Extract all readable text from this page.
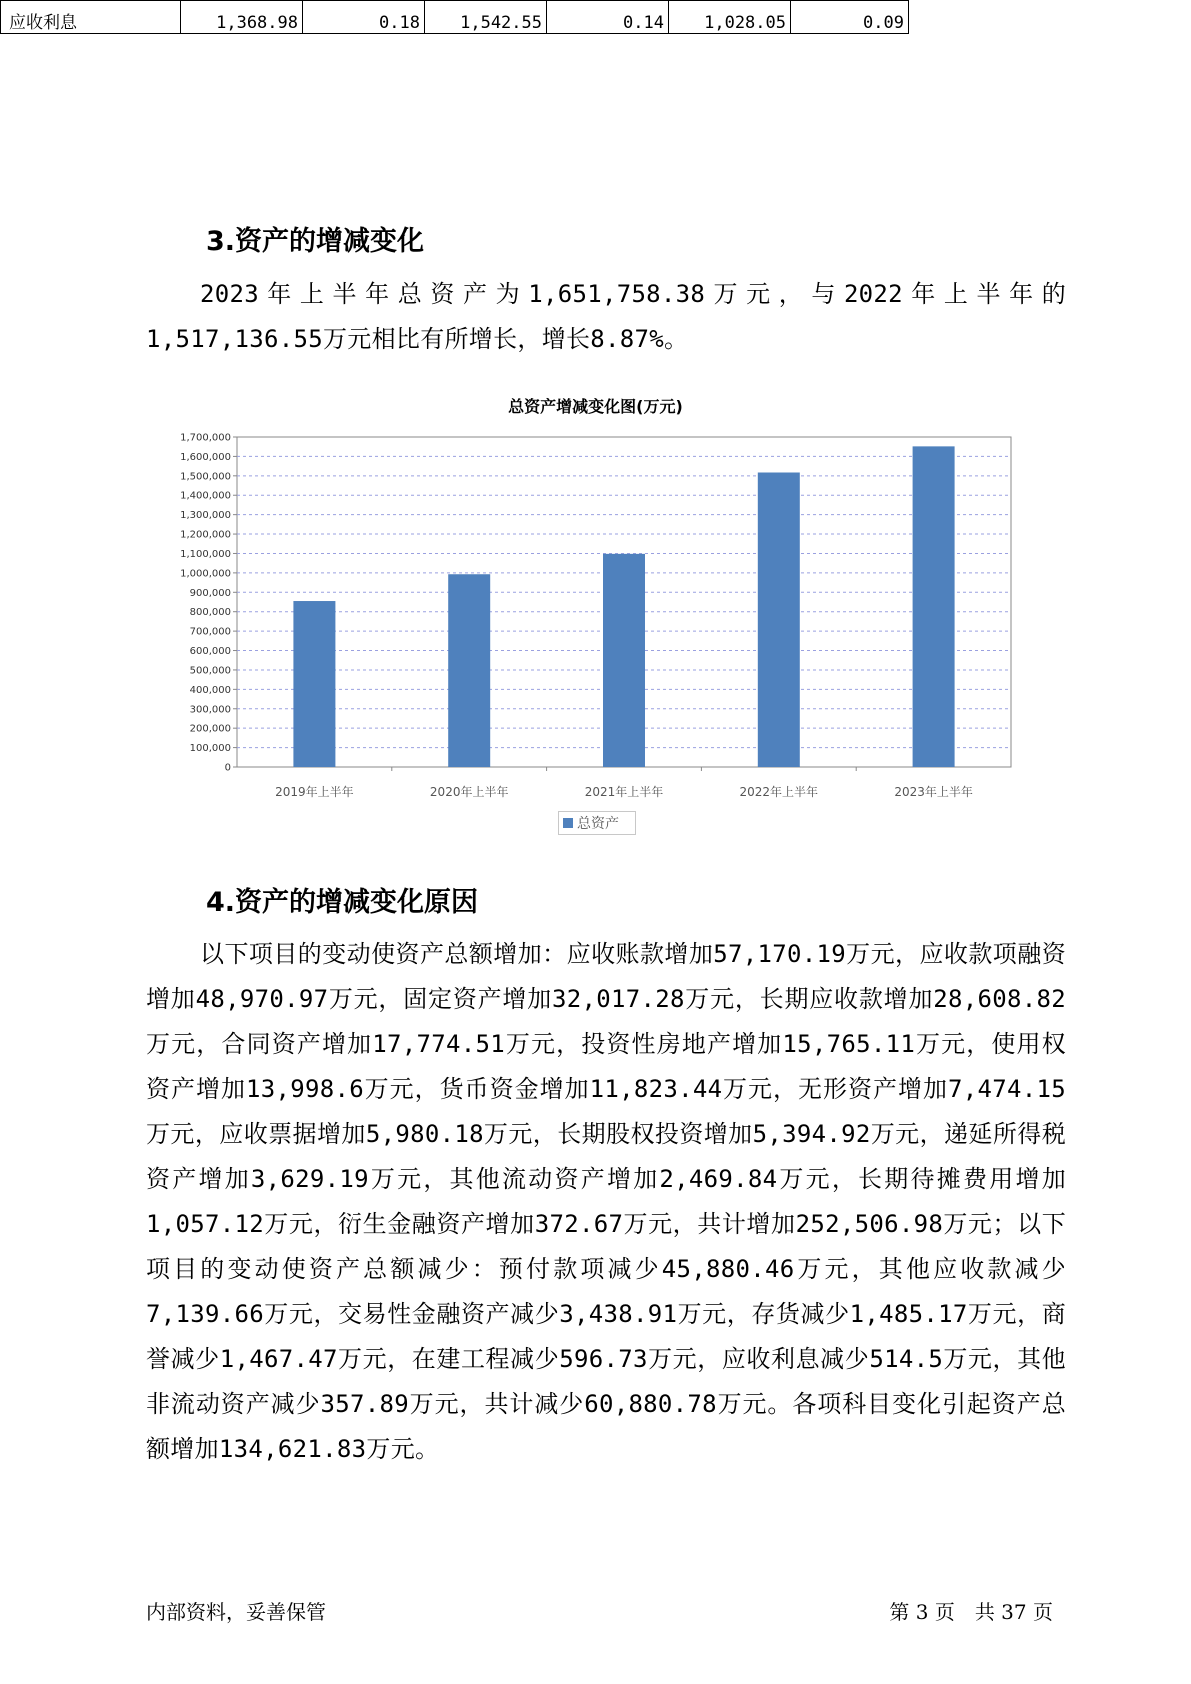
应收利息	1,368.98	0.18	1,542.55	0.14	1,028.05	0.09
3.资产的增减变化

2023年上半年总资产为1,651,758.38万元，与2022年上半年的1,517,136.55万元相比有所增长，增长8.87%。

总资产增减变化图(万元)
0
100,000
200,000
300,000
400,000
500,000
600,000
700,000
800,000
900,000
1,000,000
1,100,000
1,200,000
1,300,000
1,400,000
1,500,000
1,600,000
1,700,000
2019年上半年	2020年上半年	2021年上半年	2022年上半年	2023年上半年
总资产
4.资产的增减变化原因

以下项目的变动使资产总额增加：应收账款增加57,170.19万元，应收款项融资增加48,970.97万元，固定资产增加32,017.28万元，长期应收款增加28,608.82万元，合同资产增加17,774.51万元，投资性房地产增加15,765.11万元，使用权资产增加13,998.6万元，货币资金增加11,823.44万元，无形资产增加7,474.15万元，应收票据增加5,980.18万元，长期股权投资增加5,394.92万元，递延所得税资产增加3,629.19万元，其他流动资产增加2,469.84万元，长期待摊费用增加1,057.12万元，衍生金融资产增加372.67万元，共计增加252,506.98万元；以下项目的变动使资产总额减少：预付款项减少45,880.46万元，其他应收款减少7,139.66万元，交易性金融资产减少3,438.91万元，存货减少1,485.17万元，商誉减少1,467.47万元，在建工程减少596.73万元，应收利息减少514.5万元，其他非流动资产减少357.89万元，共计减少60,880.78万元。各项科目变化引起资产总额增加134,621.83万元。

内部资料，妥善保管	第 3 页　共 37 页
